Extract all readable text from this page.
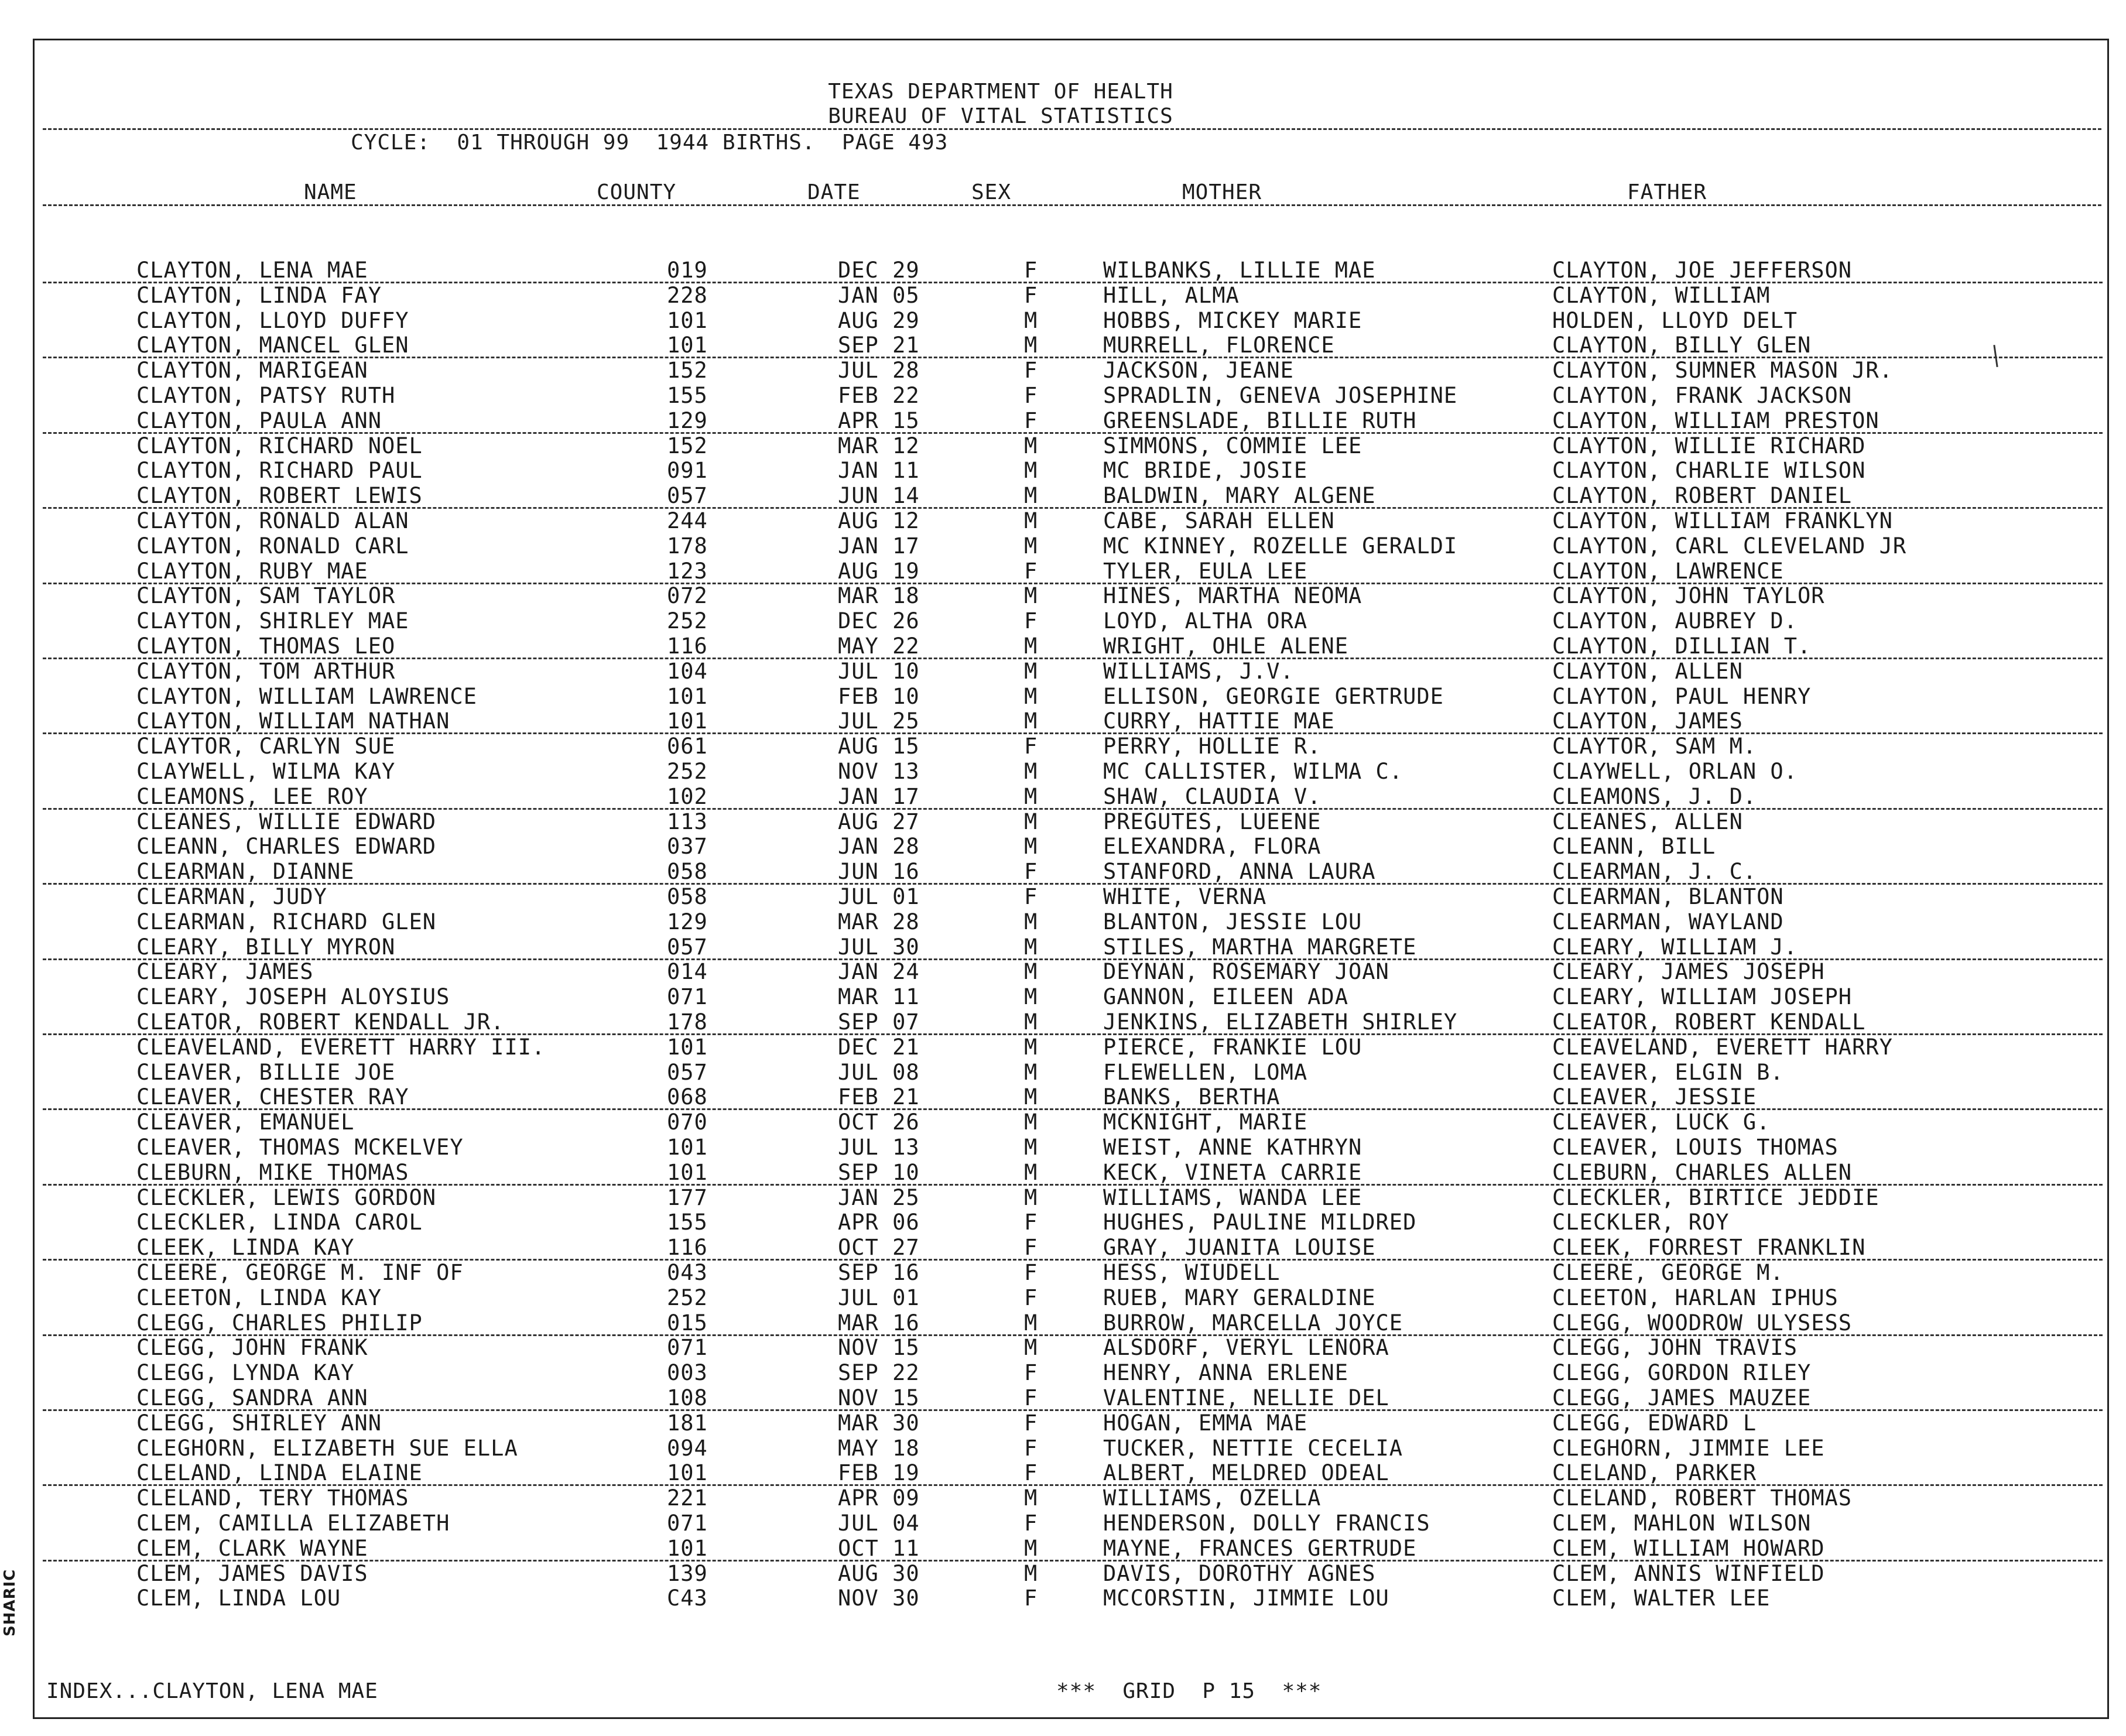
SHARIC
TEXAS DEPARTMENT OF HEALTH
BUREAU OF VITAL STATISTICS
CYCLE:  01 THROUGH 99  1944 BIRTHS.  PAGE 493
NAME	COUNTY	DATE	SEX	MOTHER	FATHER
CLAYTON, LENA MAE	019	DEC 29	F	WILBANKS, LILLIE MAE	CLAYTON, JOE JEFFERSON
CLAYTON, LINDA FAY	228	JAN 05	F	HILL, ALMA	CLAYTON, WILLIAM
CLAYTON, LLOYD DUFFY	101	AUG 29	M	HOBBS, MICKEY MARIE	HOLDEN, LLOYD DELT
CLAYTON, MANCEL GLEN	101	SEP 21	M	MURRELL, FLORENCE	CLAYTON, BILLY GLEN
CLAYTON, MARIGEAN	152	JUL 28	F	JACKSON, JEANE	CLAYTON, SUMNER MASON JR.
CLAYTON, PATSY RUTH	155	FEB 22	F	SPRADLIN, GENEVA JOSEPHINE	CLAYTON, FRANK JACKSON
CLAYTON, PAULA ANN	129	APR 15	F	GREENSLADE, BILLIE RUTH	CLAYTON, WILLIAM PRESTON
CLAYTON, RICHARD NOEL	152	MAR 12	M	SIMMONS, COMMIE LEE	CLAYTON, WILLIE RICHARD
CLAYTON, RICHARD PAUL	091	JAN 11	M	MC BRIDE, JOSIE	CLAYTON, CHARLIE WILSON
CLAYTON, ROBERT LEWIS	057	JUN 14	M	BALDWIN, MARY ALGENE	CLAYTON, ROBERT DANIEL
CLAYTON, RONALD ALAN	244	AUG 12	M	CABE, SARAH ELLEN	CLAYTON, WILLIAM FRANKLYN
CLAYTON, RONALD CARL	178	JAN 17	M	MC KINNEY, ROZELLE GERALDI	CLAYTON, CARL CLEVELAND JR
CLAYTON, RUBY MAE	123	AUG 19	F	TYLER, EULA LEE	CLAYTON, LAWRENCE
CLAYTON, SAM TAYLOR	072	MAR 18	M	HINES, MARTHA NEOMA	CLAYTON, JOHN TAYLOR
CLAYTON, SHIRLEY MAE	252	DEC 26	F	LOYD, ALTHA ORA	CLAYTON, AUBREY D.
CLAYTON, THOMAS LEO	116	MAY 22	M	WRIGHT, OHLE ALENE	CLAYTON, DILLIAN T.
CLAYTON, TOM ARTHUR	104	JUL 10	M	WILLIAMS, J.V.	CLAYTON, ALLEN
CLAYTON, WILLIAM LAWRENCE	101	FEB 10	M	ELLISON, GEORGIE GERTRUDE	CLAYTON, PAUL HENRY
CLAYTON, WILLIAM NATHAN	101	JUL 25	M	CURRY, HATTIE MAE	CLAYTON, JAMES
CLAYTOR, CARLYN SUE	061	AUG 15	F	PERRY, HOLLIE R.	CLAYTOR, SAM M.
CLAYWELL, WILMA KAY	252	NOV 13	M	MC CALLISTER, WILMA C.	CLAYWELL, ORLAN O.
CLEAMONS, LEE ROY	102	JAN 17	M	SHAW, CLAUDIA V.	CLEAMONS, J. D.
CLEANES, WILLIE EDWARD	113	AUG 27	M	PREGUTES, LUEENE	CLEANES, ALLEN
CLEANN, CHARLES EDWARD	037	JAN 28	M	ELEXANDRA, FLORA	CLEANN, BILL
CLEARMAN, DIANNE	058	JUN 16	F	STANFORD, ANNA LAURA	CLEARMAN, J. C.
CLEARMAN, JUDY	058	JUL 01	F	WHITE, VERNA	CLEARMAN, BLANTON
CLEARMAN, RICHARD GLEN	129	MAR 28	M	BLANTON, JESSIE LOU	CLEARMAN, WAYLAND
CLEARY, BILLY MYRON	057	JUL 30	M	STILES, MARTHA MARGRETE	CLEARY, WILLIAM J.
CLEARY, JAMES	014	JAN 24	M	DEYNAN, ROSEMARY JOAN	CLEARY, JAMES JOSEPH
CLEARY, JOSEPH ALOYSIUS	071	MAR 11	M	GANNON, EILEEN ADA	CLEARY, WILLIAM JOSEPH
CLEATOR, ROBERT KENDALL JR.	178	SEP 07	M	JENKINS, ELIZABETH SHIRLEY	CLEATOR, ROBERT KENDALL
CLEAVELAND, EVERETT HARRY III.	101	DEC 21	M	PIERCE, FRANKIE LOU	CLEAVELAND, EVERETT HARRY
CLEAVER, BILLIE JOE	057	JUL 08	M	FLEWELLEN, LOMA	CLEAVER, ELGIN B.
CLEAVER, CHESTER RAY	068	FEB 21	M	BANKS, BERTHA	CLEAVER, JESSIE
CLEAVER, EMANUEL	070	OCT 26	M	MCKNIGHT, MARIE	CLEAVER, LUCK G.
CLEAVER, THOMAS MCKELVEY	101	JUL 13	M	WEIST, ANNE KATHRYN	CLEAVER, LOUIS THOMAS
CLEBURN, MIKE THOMAS	101	SEP 10	M	KECK, VINETA CARRIE	CLEBURN, CHARLES ALLEN
CLECKLER, LEWIS GORDON	177	JAN 25	M	WILLIAMS, WANDA LEE	CLECKLER, BIRTICE JEDDIE
CLECKLER, LINDA CAROL	155	APR 06	F	HUGHES, PAULINE MILDRED	CLECKLER, ROY
CLEEK, LINDA KAY	116	OCT 27	F	GRAY, JUANITA LOUISE	CLEEK, FORREST FRANKLIN
CLEERE, GEORGE M. INF OF	043	SEP 16	F	HESS, WIUDELL	CLEERE, GEORGE M.
CLEETON, LINDA KAY	252	JUL 01	F	RUEB, MARY GERALDINE	CLEETON, HARLAN IPHUS
CLEGG, CHARLES PHILIP	015	MAR 16	M	BURROW, MARCELLA JOYCE	CLEGG, WOODROW ULYSESS
CLEGG, JOHN FRANK	071	NOV 15	M	ALSDORF, VERYL LENORA	CLEGG, JOHN TRAVIS
CLEGG, LYNDA KAY	003	SEP 22	F	HENRY, ANNA ERLENE	CLEGG, GORDON RILEY
CLEGG, SANDRA ANN	108	NOV 15	F	VALENTINE, NELLIE DEL	CLEGG, JAMES MAUZEE
CLEGG, SHIRLEY ANN	181	MAR 30	F	HOGAN, EMMA MAE	CLEGG, EDWARD L
CLEGHORN, ELIZABETH SUE ELLA	094	MAY 18	F	TUCKER, NETTIE CECELIA	CLEGHORN, JIMMIE LEE
CLELAND, LINDA ELAINE	101	FEB 19	F	ALBERT, MELDRED ODEAL	CLELAND, PARKER
CLELAND, TERY THOMAS	221	APR 09	M	WILLIAMS, OZELLA	CLELAND, ROBERT THOMAS
CLEM, CAMILLA ELIZABETH	071	JUL 04	F	HENDERSON, DOLLY FRANCIS	CLEM, MAHLON WILSON
CLEM, CLARK WAYNE	101	OCT 11	M	MAYNE, FRANCES GERTRUDE	CLEM, WILLIAM HOWARD
CLEM, JAMES DAVIS	139	AUG 30	M	DAVIS, DOROTHY AGNES	CLEM, ANNIS WINFIELD
CLEM, LINDA LOU	C43	NOV 30	F	MCCORSTIN, JIMMIE LOU	CLEM, WALTER LEE
INDEX...CLAYTON, LENA MAE	***  GRID  P 15  ***
